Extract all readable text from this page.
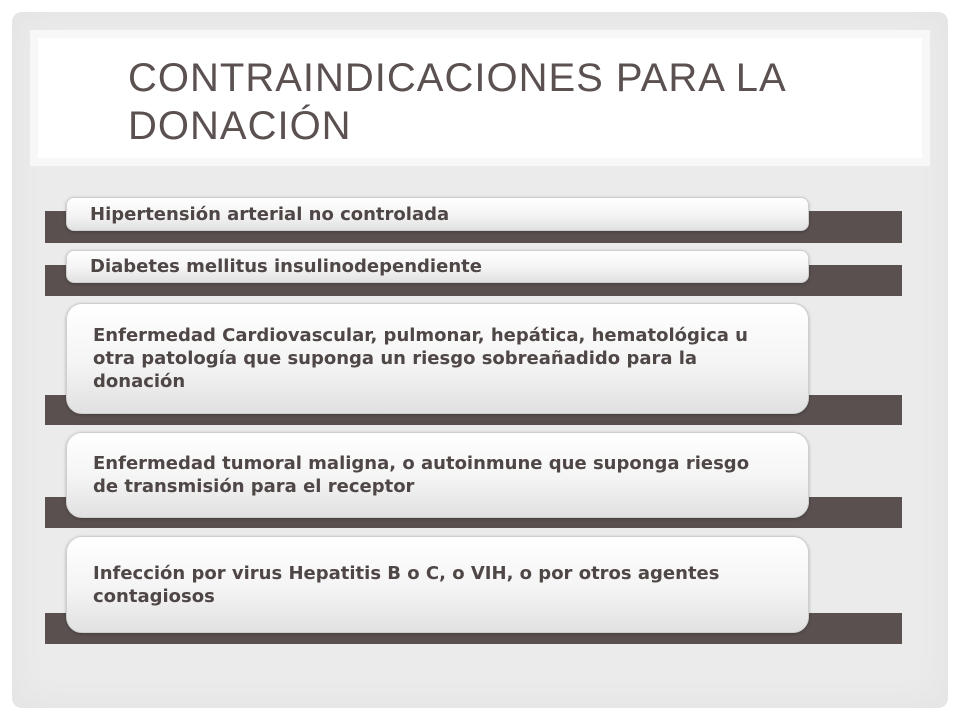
CONTRAINDICACIONES PARA LA DONACIÓN
Hipertensión arterial no controlada
Diabetes mellitus insulinodependiente
Enfermedad Cardiovascular, pulmonar, hepática, hematológica u otra patología que suponga un riesgo sobreañadido para la donación
Enfermedad tumoral maligna, o autoinmune que suponga riesgo de transmisión para el receptor
Infección por virus Hepatitis B o C, o VIH, o por otros agentes contagiosos
